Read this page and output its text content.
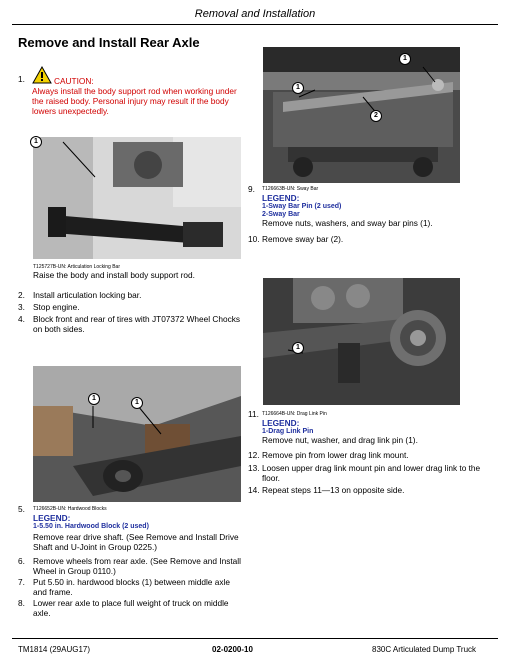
Removal and Installation
Remove and Install Rear Axle
1.	CAUTION:
Always install the body support rod when working under the raised body. Personal injury may result if the body lowers unexpectedly.
1
T125727B-UN: Articulation Locking Bar
Raise the body and install body support rod.
2. Install articulation locking bar.
3. Stop engine.
4. Block front and rear of tires with JT07372 Wheel Chocks on both sides.
1
1
5. T126652B-UN: Hardwood Blocks
LEGEND:
1-5.50 in. Hardwood Block (2 used)
Remove rear drive shaft. (See Remove and Install Drive Shaft and U-Joint in Group 0225.)
6. Remove wheels from rear axle. (See Remove and Install Wheel in Group 0110.)
7. Put 5.50 in. hardwood blocks (1) between middle axle and frame.
8. Lower rear axle to place full weight of truck on middle axle.
1
1
2
9. T126663B-UN: Sway Bar
LEGEND:
1-Sway Bar Pin (2 used)
2-Sway Bar
Remove nuts, washers, and sway bar pins (1).
10. Remove sway bar (2).
1
11. T126664B-UN: Drag Link Pin
LEGEND:
1-Drag Link Pin
Remove nut, washer, and drag link pin (1).
12. Remove pin from lower drag link mount.
13. Loosen upper drag link mount pin and lower drag link to the floor.
14. Repeat steps 11—13 on opposite side.
TM1814 (29AUG17)	02-0200-10	830C Articulated Dump Truck
